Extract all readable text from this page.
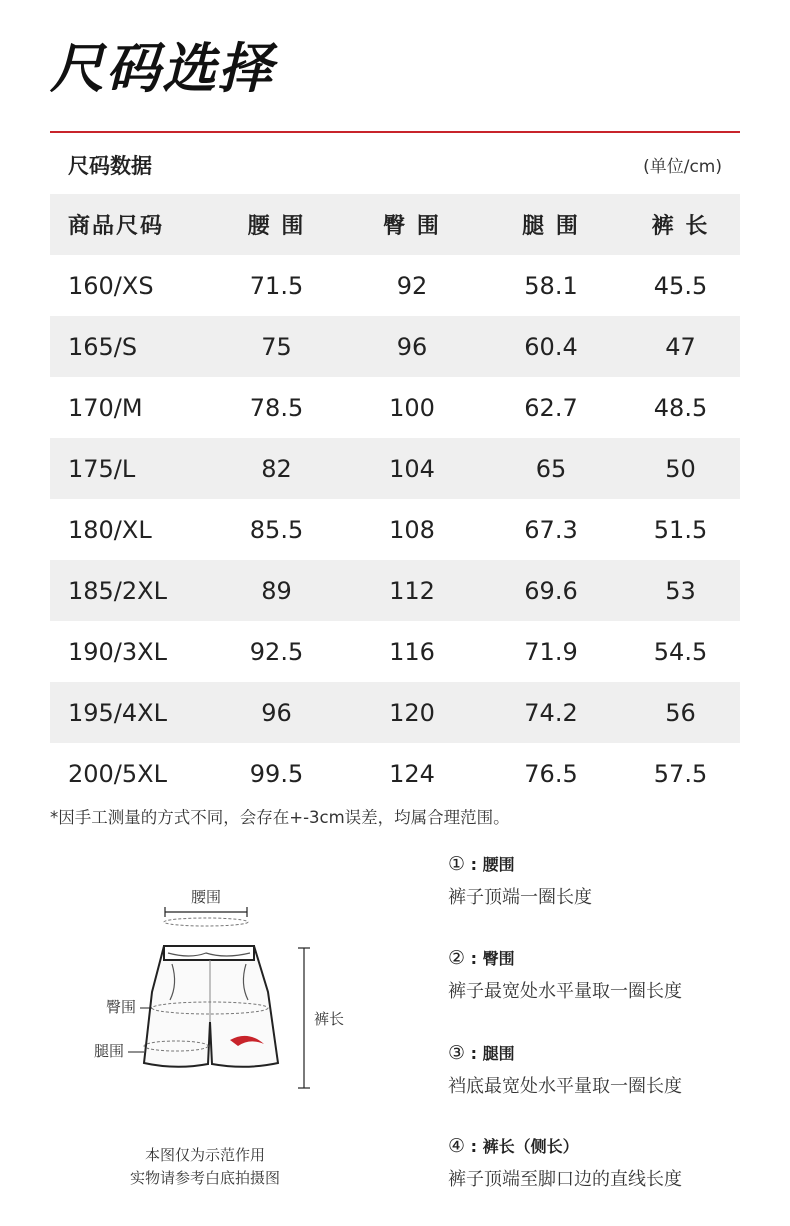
尺码选择
尺码数据	(单位/cm)
商品尺码	腰 围	臀 围	腿 围	裤 长
160/XS	71.5	92	58.1	45.5
165/S	75	96	60.4	47
170/M	78.5	100	62.7	48.5
175/L	82	104	65	50
180/XL	85.5	108	67.3	51.5
185/2XL	89	112	69.6	53
190/3XL	92.5	116	71.9	54.5
195/4XL	96	120	74.2	56
200/5XL	99.5	124	76.5	57.5
*因手工测量的方式不同，会存在+-3cm误差，均属合理范围。
腰围
臀围
腿围
裤长
本图仅为示范作用
实物请参考白底拍摄图
① : 腰围
裤子顶端一圈长度
② : 臀围
裤子最宽处水平量取一圈长度
③ : 腿围
裆底最宽处水平量取一圈长度
④ : 裤长（侧长）
裤子顶端至脚口边的直线长度
